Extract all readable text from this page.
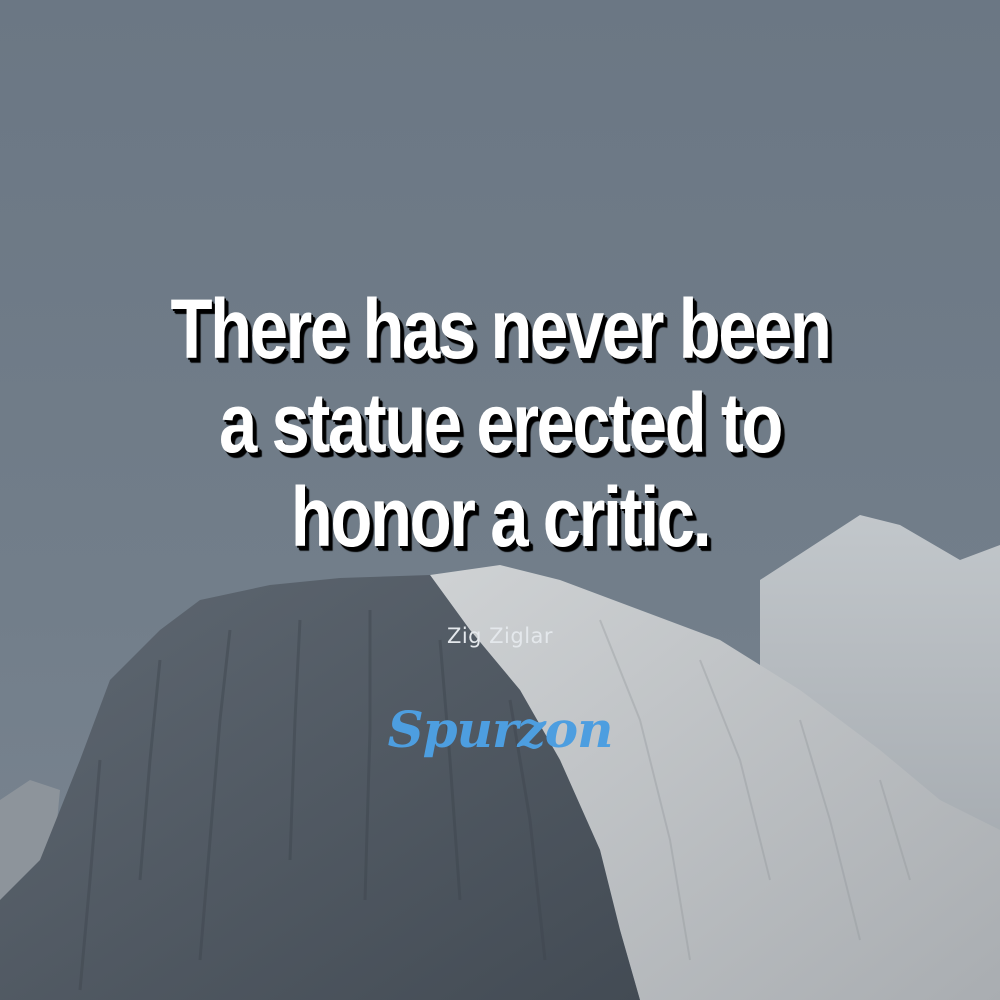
There has never been
a statue erected to
honor a critic.
Zig Ziglar
Spurzon
